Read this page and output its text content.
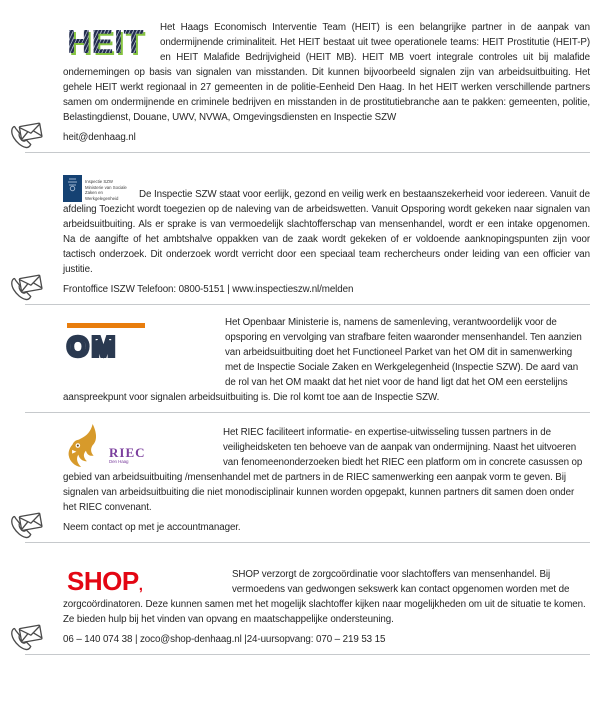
HEIT	Het Haags Economisch Interventie Team (HEIT) is een belangrijke partner in de aanpak van ondermijnende criminaliteit. Het HEIT bestaat uit twee operationele teams: HEIT Prostitutie (HEIT-P) en HEIT Malafide Bedrijvigheid (HEIT MB). HEIT MB voert integrale controles uit bij malafide ondernemingen op basis van signalen van misstanden. Dit kunnen bijvoorbeeld signalen zijn van arbeidsuitbuiting. Het gehele HEIT werkt regionaal in 27 gemeenten in de politie-Eenheid Den Haag. In het HEIT werken verschillende partners samen om ondermijnende en criminele bedrijven en misstanden in de prostitutiebranche aan te pakken: gemeenten, politie, Belastingdienst, Douane, UWV, NVWA, Omgevingsdiensten en Inspectie SZW

heit@denhaag.nl
Inspectie SZW
Ministerie van Sociale Zaken en
Werkgelegenheid	De Inspectie SZW staat voor eerlijk, gezond en veilig werk en bestaanszekerheid voor iedereen. Vanuit de afdeling Toezicht wordt toegezien op de naleving van de arbeidswetten. Vanuit Opsporing wordt gekeken naar signalen van arbeidsuitbuiting. Als er sprake is van vermoedelijk slachtofferschap van mensenhandel, wordt er een intake opgenomen. Na de aangifte of het ambtshalve oppakken van de zaak wordt gekeken of er voldoende aanknopingspunten zijn voor tactisch onderzoek. Dit onderzoek wordt verricht door een speciaal team rechercheurs onder leiding van een officier van justitie.

Frontoffice ISZW Telefoon: 0800-5151 | www.inspectieszw.nl/melden
OM

Het Openbaar Ministerie is, namens de samenleving, verantwoordelijk voor de opsporing en vervolging van strafbare feiten waaronder mensenhandel. Ten aanzien van arbeidsuitbuiting doet het Functioneel Parket van het OM dit in samenwerking met de Inspectie Sociale Zaken en Werkgelegenheid (Inspectie SZW). De aard van de rol van het OM maakt dat het niet voor de hand ligt dat het OM een eerstelijns aanspreekpunt voor signalen arbeidsuitbuiting is. Die rol komt toe aan de Inspectie SZW.

RIEC
Den Haag

Het RIEC faciliteert informatie- en expertise-uitwisseling tussen partners in de veiligheidsketen ten behoeve van de aanpak van ondermijning. Naast het uitvoeren van fenomeenonderzoeken biedt het RIEC een platform om in concrete casussen op gebied van arbeidsuitbuiting /mensenhandel met de partners in de RIEC samenwerking een aanpak vorm te geven. Bij signalen van arbeidsuitbuiting die niet monodisciplinair kunnen worden opgepakt, kunnen partners dit samen doen onder het RIEC convenant.

Neem contact op met je accountmanager.
SHOP,

SHOP verzorgt de zorgcoördinatie voor slachtoffers van mensenhandel. Bij vermoedens van gedwongen sekswerk kan contact opgenomen worden met de zorgcoördinatoren. Deze kunnen samen met het mogelijk slachtoffer kijken naar mogelijkheden om uit de situatie te komen. Ze bieden hulp bij het vinden van opvang en maatschappelijke ondersteuning.

06 – 140 074 38 | zoco@shop-denhaag.nl |24-uursopvang: 070 – 219 53 15
